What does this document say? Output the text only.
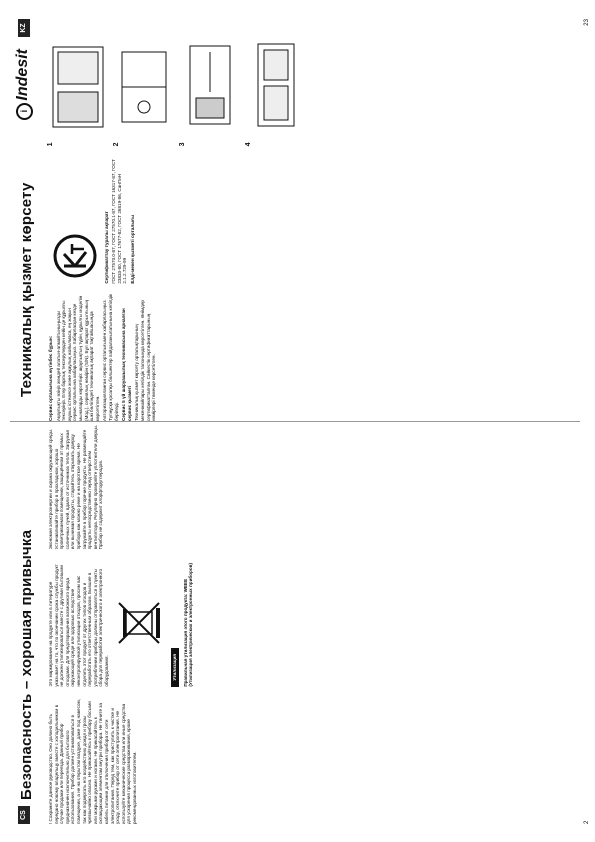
CS
Безопасность – хорошая привычка	! Сохраните данное руководство. Оно должно быть передано новому владельцу вместе с холодильником в случае продажи или переезда. Данный прибор предназначен исключительно для бытового использования. Прибор должен устанавливаться в помещении, а не на открытом воздухе, даже под навесом, так как подвергать его воздействию дождя и грозы чрезвычайно опасно. Не прикасайтесь к прибору босыми или мокрыми руками и ногами. Не прикасайтесь к охлаждающим элементам внутри прибора. Не тяните за кабель питания для отключения прибора от сети электропитания. Перед тем, как приступить к чистке и уходу, отключите прибор от сети электропитания. Не используйте механические средства или иные средства для ускорения процесса размораживания, кроме рекомендованных изготовителем.

Это маркирование на продукте или в литературе указывает на то, что по окончании срока службы продукт не должен утилизироваться вместе с другими бытовыми отходами. Для предотвращения возможного вреда окружающей среде или здоровью вследствие неконтролируемой утилизации отходов, просим вас отделить этот продукт от других типов отходов и переработать его ответственным образом. Бывшие в употреблении приборы должны отправляться в пункты сбора для переработки электрического и электронного оборудования.	Утилизация Правильная утилизация этого продукта: WEEE (Утилизация электрических и электронных приборов)

Экономия электроэнергии и охрана окружающей среды. Устанавливайте прибор в прохладном, хорошо проветриваемом помещении, защищённом от прямых солнечных лучей, вдали от источников тепла. Загружая или вынимая продукты, старайтесь открывать дверцу прибора как можно реже и на короткое время. Не загружайте в прибор горячие продукты. Не размещайте продукты непосредственно перед отверстием вентилятора. Регулярно проверяйте уплотнители дверцы. Прибор не содержит хлорфторуглеродов.

2
KZ
Техникалық қызмет көрсету
iIndesit

Сервис орталығына жүгінбес бұрын: Ақаулықты өзіңіз жөндей алатын-алмайтыныңызды тексеріңіз. Егер барлық тексерулерден кейін де құрылғы жұмыс істемесе және ақаулық жойылмаса, ең жақын сервис орталығына хабарласыңыз. Хабарласқан кезде мыналарды көрсетіңіз: ақаулықтың түрін, құрылғы моделін (Мод.), сериялық нөмірін (S/N). Бұл ақпарат құрылғының ішкі бөлігіндегі техникалық ақпарат тақтайшасында көрсетілген. Авторизацияланған сервис орталығымен хабарласыңыз. Түпнұсқа қосалқы бөлшектер пайдаланылатынына кепілдік беріледі. Сервис 5 үй шаруашылық техникасына арналған сервис қызметі Техникалық қызмет көрсету орталықтарының мекенжайлары кепілдік талонында көрсетілген. Өнімдер сертификатталған. Сәйкестік сертификаттарының нөмірлері төменде көрсетілген.

Сертификаттау туралы ақпарат ГОСТ 27570.0-87, ГОСТ 27570.1-87, ГОСТ 16317-87, ГОСТ 23833-80, ГОСТ 17677-82, ГОСТ 26819-86, СанПиН 2.1.2.729-99 Елді-мекен қызметі орталығы

1	2	3	4
23
